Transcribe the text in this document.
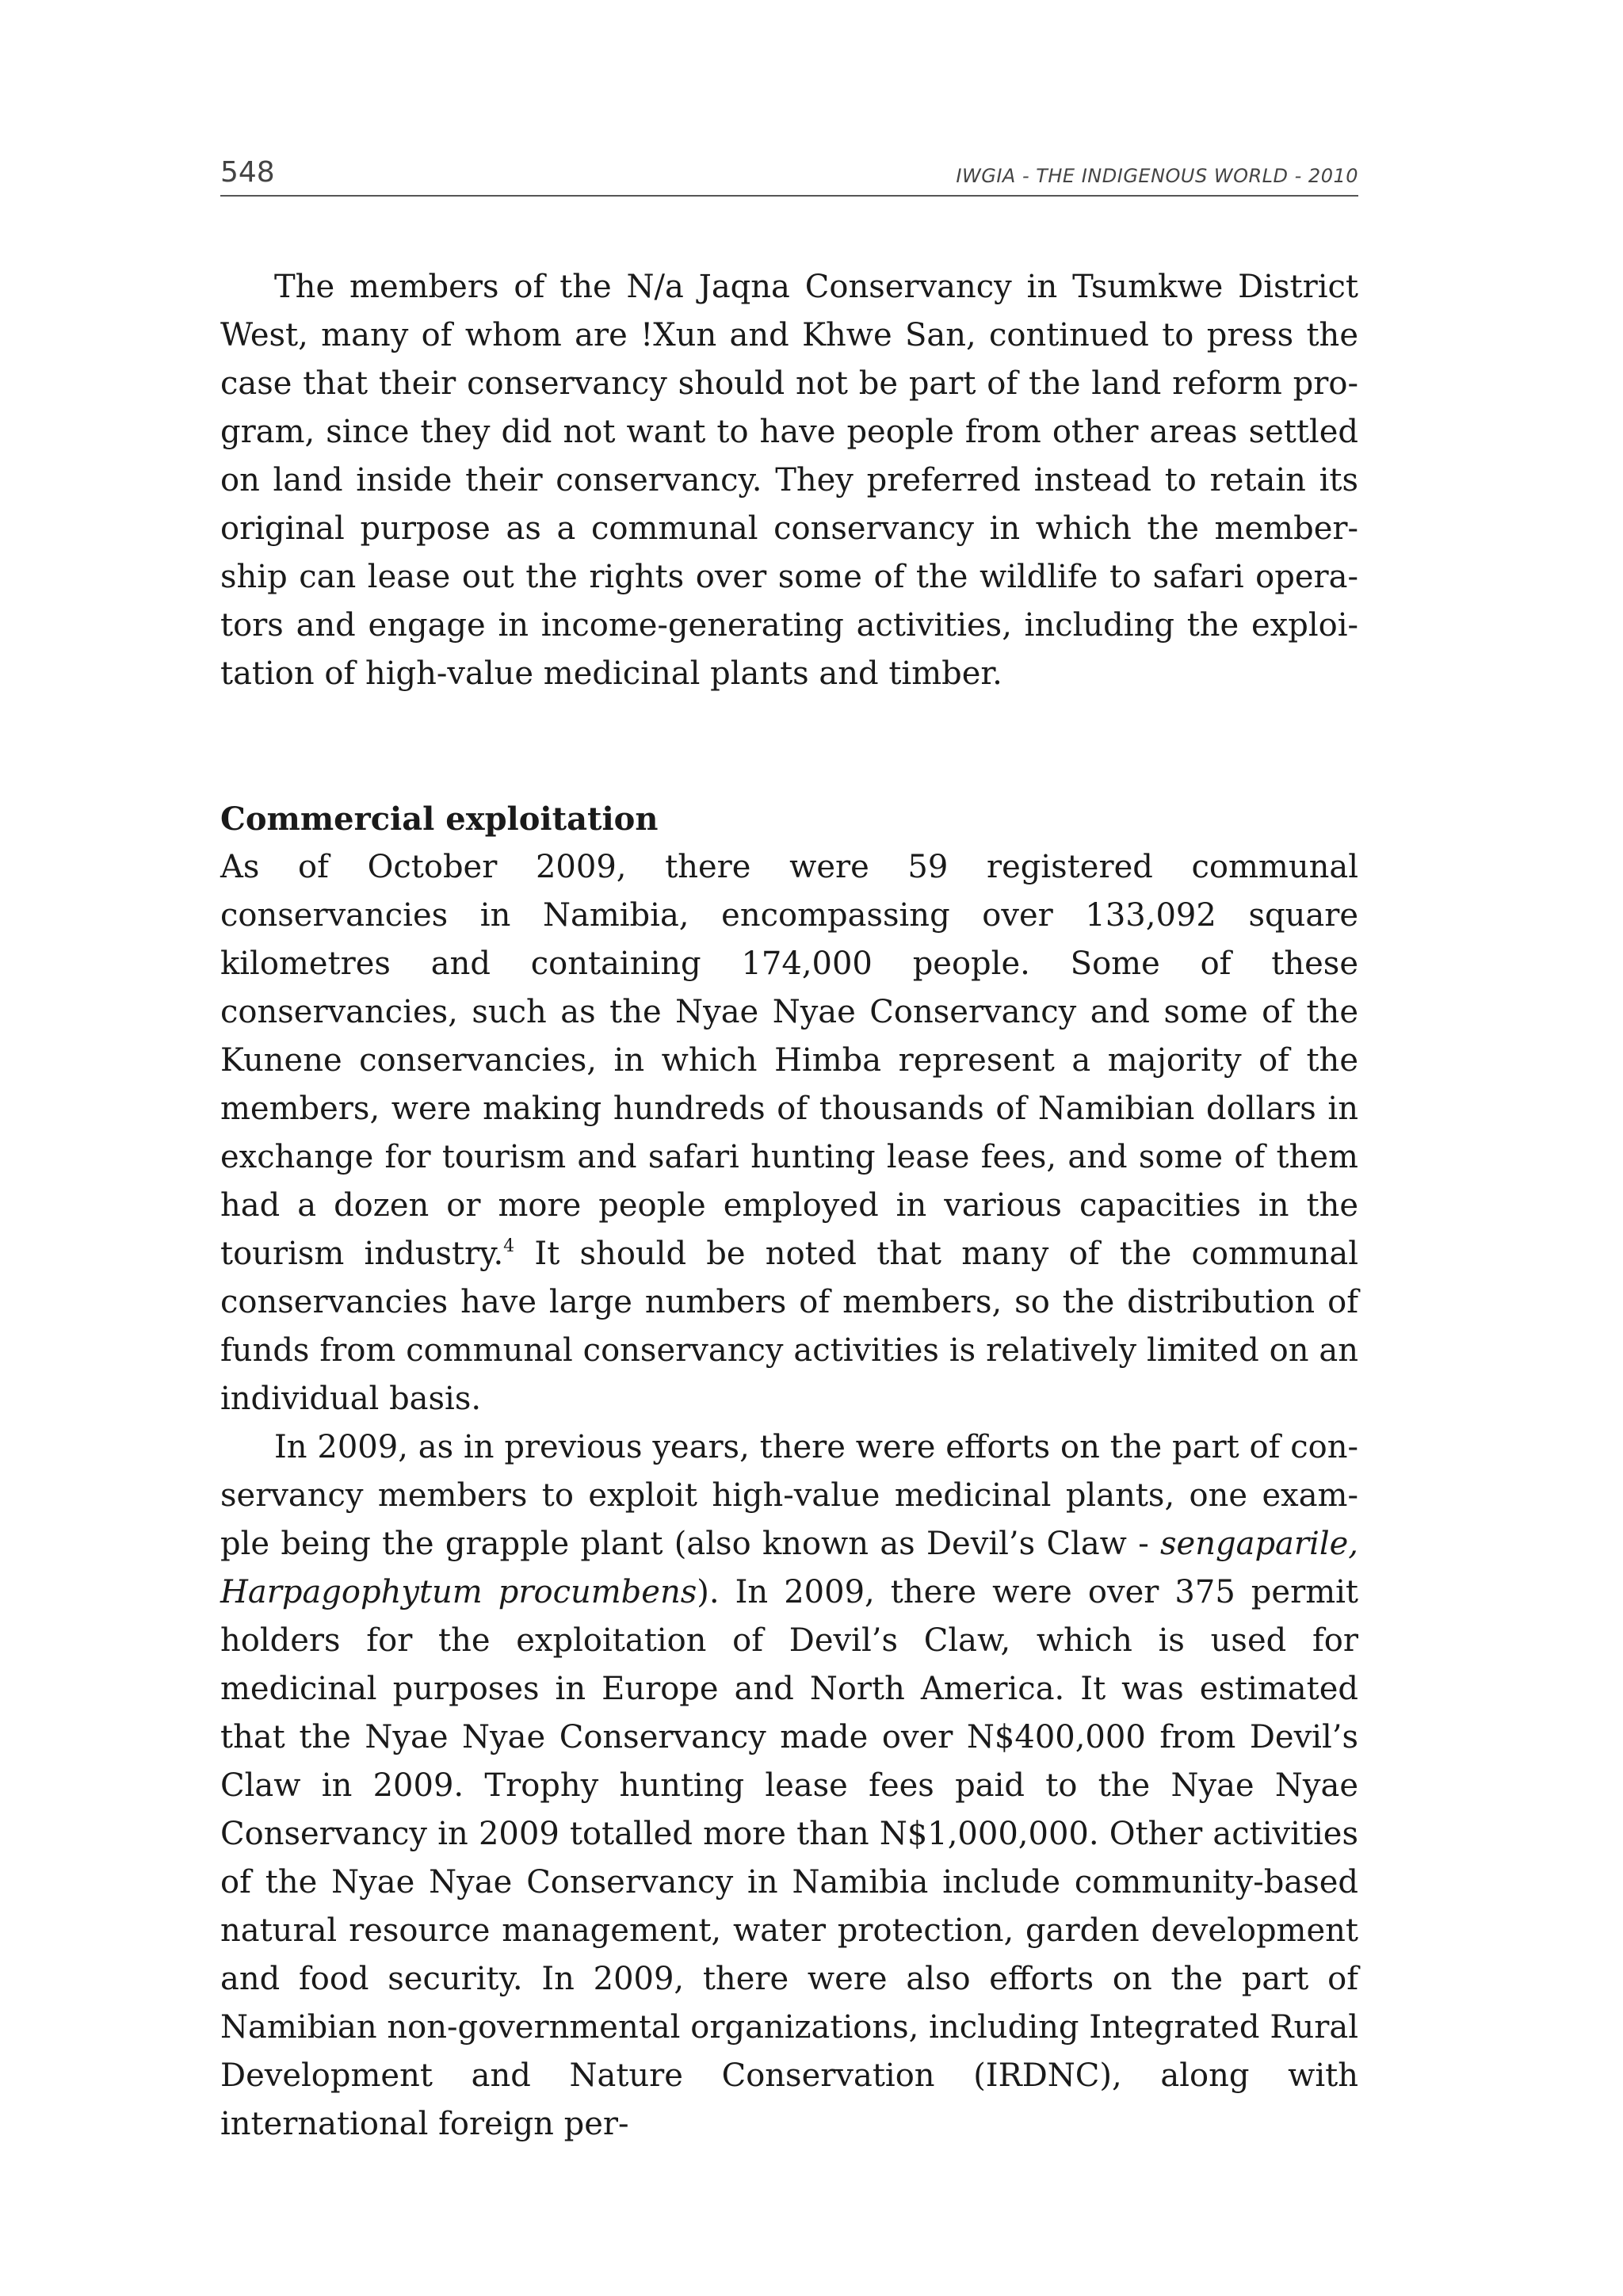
548	IWGIA - THE INDIGENOUS WORLD - 2010

The members of the N/a Jaqna Conservancy in Tsumkwe District West, many of whom are !Xun and Khwe San, continued to press the case that their conservancy should not be part of the land reform program, since they did not want to have people from other areas settled on land inside their conservancy. They preferred instead to retain its original purpose as a communal conservancy in which the membership can lease out the rights over some of the wildlife to safari operators and engage in income-generating activities, including the exploitation of high-value medicinal plants and timber.

Commercial exploitation

As of October 2009, there were 59 registered communal conservancies in Namibia, encompassing over 133,092 square kilometres and containing 174,000 people. Some of these conservancies, such as the Nyae Nyae Conservancy and some of the Kunene conservancies, in which Himba represent a majority of the members, were making hundreds of thousands of Namibian dollars in exchange for tourism and safari hunting lease fees, and some of them had a dozen or more people employed in various capacities in the tourism industry.$^4$ It should be noted that many of the communal conservancies have large numbers of members, so the distribution of funds from communal conservancy activities is relatively limited on an individual basis.

In 2009, as in previous years, there were efforts on the part of conservancy members to exploit high-value medicinal plants, one example being the grapple plant (also known as Devil’s Claw - sengaparile, Harpagophytum procumbens). In 2009, there were over 375 permit holders for the exploitation of Devil’s Claw, which is used for medicinal purposes in Europe and North America. It was estimated that the Nyae Nyae Conservancy made over N$400,000 from Devil’s Claw in 2009. Trophy hunting lease fees paid to the Nyae Nyae Conservancy in 2009 totalled more than N$1,000,000. Other activities of the Nyae Nyae Conservancy in Namibia include community-based natural resource management, water protection, garden development and food security. In 2009, there were also efforts on the part of Namibian non-governmental organizations, including Integrated Rural Development and Nature Conservation (IRDNC), along with international foreign per-
